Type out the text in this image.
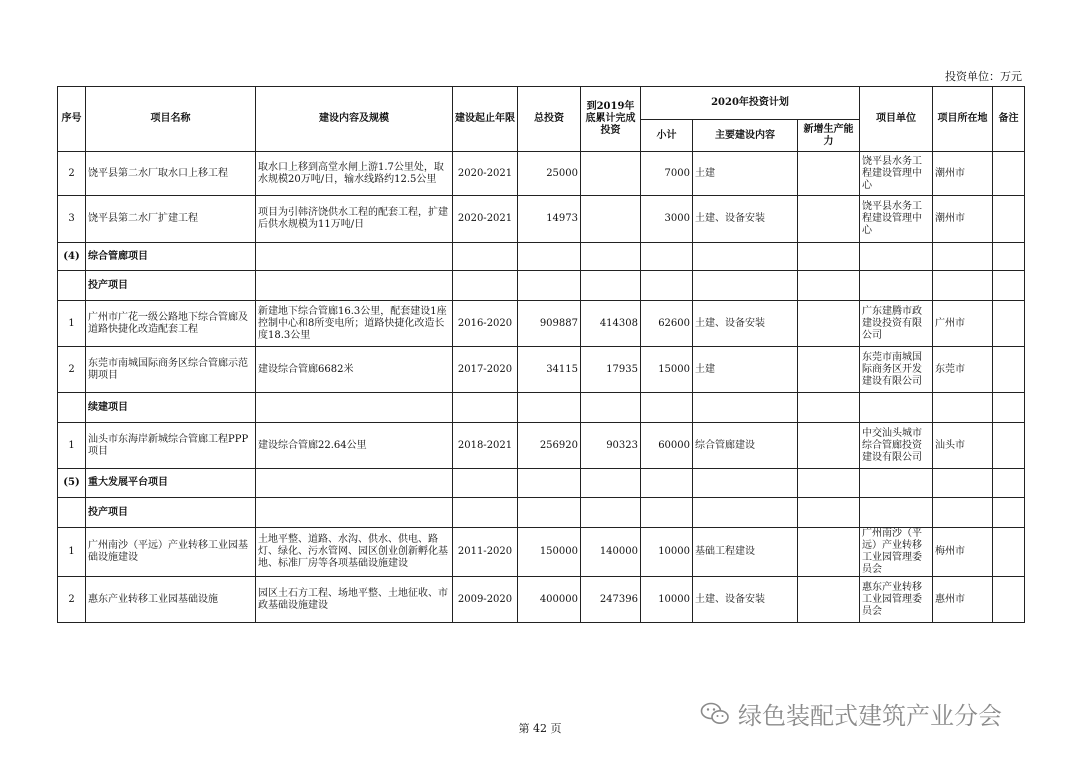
投资单位：万元
序号	项目名称	建设内容及规模	建设起止年限	总投资	到2019年底累计完成投资	2020年投资计划			项目单位	项目所在地	备注
						小计	主要建设内容	新增生产能力			
2	饶平县第二水厂取水口上移工程	取水口上移到高堂水闸上游1.7公里处，取水规模20万吨/日，输水线路约12.5公里	2020-2021	25000		7000	土建		饶平县水务工程建设管理中心	潮州市	
3	饶平县第二水厂扩建工程	项目为引韩济饶供水工程的配套工程，扩建后供水规模为11万吨/日	2020-2021	14973		3000	土建、设备安装		饶平县水务工程建设管理中心	潮州市	
(4)	综合管廊项目										
	投产项目										
1	广州市广花一级公路地下综合管廊及道路快捷化改造配套工程	新建地下综合管廊16.3公里，配套建设1座控制中心和8所变电所；道路快捷化改造长度18.3公里	2016-2020	909887	414308	62600	土建、设备安装		广东建腾市政建设投资有限公司	广州市	
2	东莞市南城国际商务区综合管廊示范期项目	建设综合管廊6682米	2017-2020	34115	17935	15000	土建		东莞市南城国际商务区开发建设有限公司	东莞市	
	续建项目										
1	汕头市东海岸新城综合管廊工程PPP项目	建设综合管廊22.64公里	2018-2021	256920	90323	60000	综合管廊建设		中交汕头城市综合管廊投资建设有限公司	汕头市	
(5)	重大发展平台项目										
	投产项目										
1	广州南沙（平远）产业转移工业园基础设施建设	土地平整、道路、水沟、供水、供电、路灯、绿化、污水管网、园区创业创新孵化基地、标准厂房等各项基础设施建设	2011-2020	150000	140000	10000	基础工程建设		广州南沙（平远）产业转移工业园管理委员会	梅州市	
2	惠东产业转移工业园基础设施	园区土石方工程、场地平整、土地征收、市政基础设施建设	2009-2020	400000	247396	10000	土建、设备安装		惠东产业转移工业园管理委员会	惠州市	
第 42 页	绿色装配式建筑产业分会
